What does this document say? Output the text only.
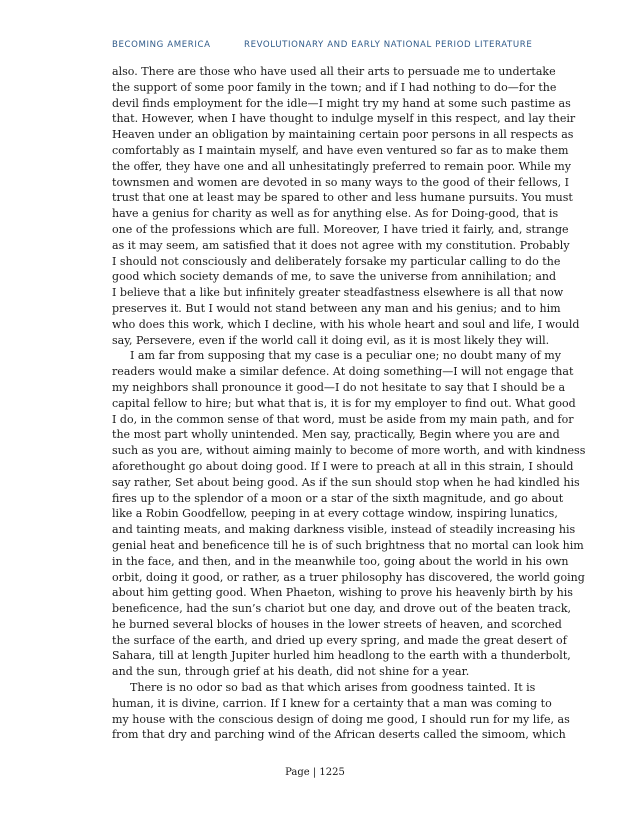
BECOMING AMERICA	REVOLUTIONARY AND EARLY NATIONAL PERIOD LITERATURE
also. There are those who have used all their arts to persuade me to undertake
the support of some poor family in the town; and if I had nothing to do—for the
devil finds employment for the idle—I might try my hand at some such pastime as
that. However, when I have thought to indulge myself in this respect, and lay their
Heaven under an obligation by maintaining certain poor persons in all respects as
comfortably as I maintain myself, and have even ventured so far as to make them
the offer, they have one and all unhesitatingly preferred to remain poor. While my
townsmen and women are devoted in so many ways to the good of their fellows, I
trust that one at least may be spared to other and less humane pursuits. You must
have a genius for charity as well as for anything else. As for Doing-good, that is
one of the professions which are full. Moreover, I have tried it fairly, and, strange
as it may seem, am satisfied that it does not agree with my constitution. Probably
I should not consciously and deliberately forsake my particular calling to do the
good which society demands of me, to save the universe from annihilation; and
I believe that a like but infinitely greater steadfastness elsewhere is all that now
preserves it. But I would not stand between any man and his genius; and to him
who does this work, which I decline, with his whole heart and soul and life, I would
say, Persevere, even if the world call it doing evil, as it is most likely they will.
I am far from supposing that my case is a peculiar one; no doubt many of my
readers would make a similar defence. At doing something—I will not engage that
my neighbors shall pronounce it good—I do not hesitate to say that I should be a
capital fellow to hire; but what that is, it is for my employer to find out. What good
I do, in the common sense of that word, must be aside from my main path, and for
the most part wholly unintended. Men say, practically, Begin where you are and
such as you are, without aiming mainly to become of more worth, and with kindness
aforethought go about doing good. If I were to preach at all in this strain, I should
say rather, Set about being good. As if the sun should stop when he had kindled his
fires up to the splendor of a moon or a star of the sixth magnitude, and go about
like a Robin Goodfellow, peeping in at every cottage window, inspiring lunatics,
and tainting meats, and making darkness visible, instead of steadily increasing his
genial heat and beneficence till he is of such brightness that no mortal can look him
in the face, and then, and in the meanwhile too, going about the world in his own
orbit, doing it good, or rather, as a truer philosophy has discovered, the world going
about him getting good. When Phaeton, wishing to prove his heavenly birth by his
beneficence, had the sun’s chariot but one day, and drove out of the beaten track,
he burned several blocks of houses in the lower streets of heaven, and scorched
the surface of the earth, and dried up every spring, and made the great desert of
Sahara, till at length Jupiter hurled him headlong to the earth with a thunderbolt,
and the sun, through grief at his death, did not shine for a year.
There is no odor so bad as that which arises from goodness tainted. It is
human, it is divine, carrion. If I knew for a certainty that a man was coming to
my house with the conscious design of doing me good, I should run for my life, as
from that dry and parching wind of the African deserts called the simoom, which
Page | 1225
